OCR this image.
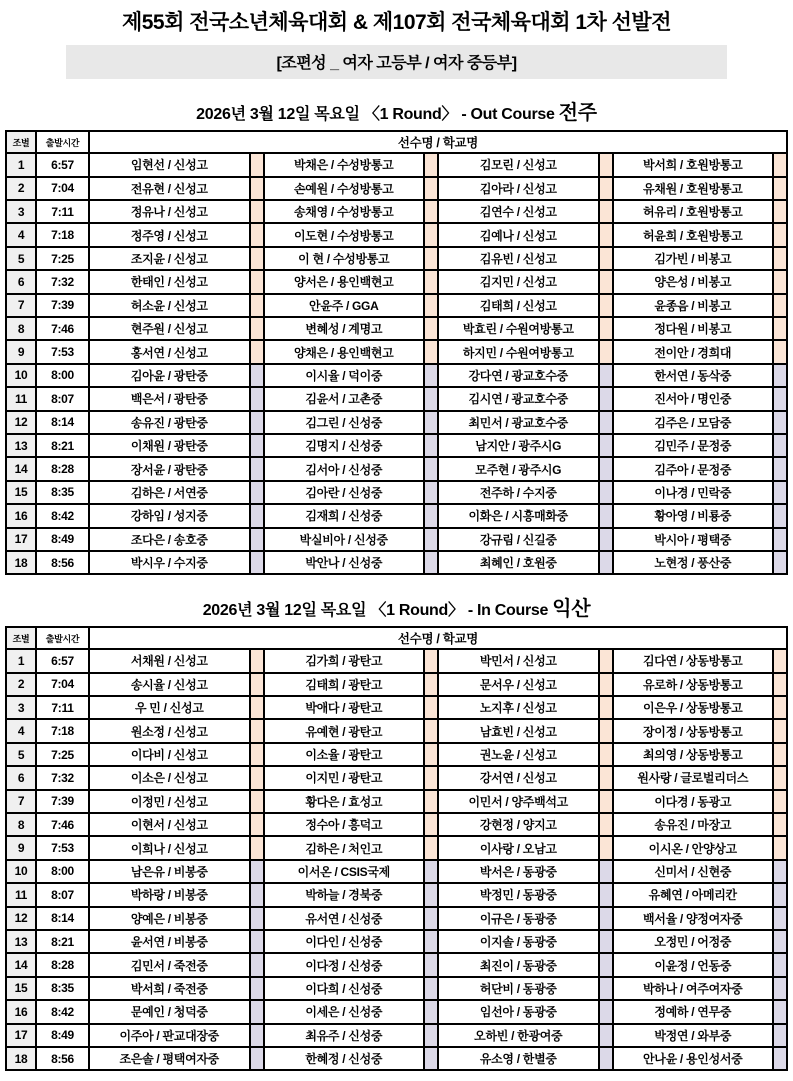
제55회 전국소년체육대회 & 제107회 전국체육대회 1차 선발전
[조편성 _ 여자 고등부 / 여자 중등부]
2026년 3월 12일 목요일 〈1 Round〉 - Out Course 전주
조별	출발시간	선수명 / 학교명
1	6:57	임현선 / 신성고	박채은 / 수성방통고	김모린 / 신성고	박서희 / 호원방통고
2	7:04	전유현 / 신성고	손예원 / 수성방통고	김아라 / 신성고	유채원 / 호원방통고
3	7:11	정유나 / 신성고	송채영 / 수성방통고	김연수 / 신성고	허유리 / 호원방통고
4	7:18	정주영 / 신성고	이도현 / 수성방통고	김예나 / 신성고	허윤희 / 호원방통고
5	7:25	조지윤 / 신성고	이 현 / 수성방통고	김유빈 / 신성고	김가빈 / 비봉고
6	7:32	한태인 / 신성고	양서은 / 용인백현고	김지민 / 신성고	양은성 / 비봉고
7	7:39	허소윤 / 신성고	안윤주 / GGA	김태희 / 신성고	윤종음 / 비봉고
8	7:46	현주원 / 신성고	변혜성 / 계명고	박효린 / 수원여방통고	정다원 / 비봉고
9	7:53	홍서연 / 신성고	양채은 / 용인백현고	하지민 / 수원여방통고	전이안 / 경희대
10	8:00	김아윤 / 광탄중	이시율 / 덕이중	강다연 / 광교호수중	한서연 / 동삭중
11	8:07	백은서 / 광탄중	김윤서 / 고촌중	김시연 / 광교호수중	진서아 / 명인중
12	8:14	송유진 / 광탄중	김그린 / 신성중	최민서 / 광교호수중	김주은 / 모담중
13	8:21	이채원 / 광탄중	김명지 / 신성중	남지안 / 광주시G	김민주 / 문정중
14	8:28	장서윤 / 광탄중	김서아 / 신성중	모주현 / 광주시G	김주아 / 문정중
15	8:35	김하은 / 서연중	김아란 / 신성중	전주하 / 수지중	이나경 / 민락중
16	8:42	강하임 / 성지중	김재희 / 신성중	이화은 / 시흥매화중	황아영 / 비룡중
17	8:49	조다은 / 송호중	박실비아 / 신성중	강규림 / 신길중	박시아 / 평택중
18	8:56	박시우 / 수지중	박안나 / 신성중	최혜인 / 호원중	노현정 / 풍산중
2026년 3월 12일 목요일 〈1 Round〉 - In Course 익산
조별	출발시간	선수명 / 학교명
1	6:57	서채원 / 신성고	김가희 / 광탄고	박민서 / 신성고	김다연 / 상동방통고
2	7:04	송시율 / 신성고	김태희 / 광탄고	문서우 / 신성고	유로하 / 상동방통고
3	7:11	우 민 / 신성고	박애다 / 광탄고	노지후 / 신성고	이은우 / 상동방통고
4	7:18	원소정 / 신성고	유예현 / 광탄고	남효빈 / 신성고	장이정 / 상동방통고
5	7:25	이다비 / 신성고	이소율 / 광탄고	권노윤 / 신성고	최의영 / 상동방통고
6	7:32	이소은 / 신성고	이지민 / 광탄고	강서연 / 신성고	원사랑 / 글로벌리더스
7	7:39	이정민 / 신성고	황다은 / 효성고	이민서 / 양주백석고	이다경 / 동광고
8	7:46	이현서 / 신성고	정수아 / 흥덕고	강현정 / 양지고	송유진 / 마장고
9	7:53	이희나 / 신성고	김하은 / 처인고	이사랑 / 오남고	이시온 / 안양상고
10	8:00	남은유 / 비봉중	이서온 / CSIS국제	박서은 / 동광중	신미서 / 신현중
11	8:07	박하랑 / 비봉중	박하늘 / 경북중	박정민 / 동광중	유혜연 / 아메리칸
12	8:14	양예은 / 비봉중	유서연 / 신성중	이규은 / 동광중	백서율 / 양정여자중
13	8:21	윤서연 / 비봉중	이다인 / 신성중	이지솔 / 동광중	오정민 / 어정중
14	8:28	김민서 / 죽전중	이다정 / 신성중	최진이 / 동광중	이윤정 / 언동중
15	8:35	박서희 / 죽전중	이다희 / 신성중	허단비 / 동광중	박하나 / 여주여자중
16	8:42	문예인 / 청덕중	이세은 / 신성중	임선아 / 동광중	정예하 / 연무중
17	8:49	이주아 / 판교대장중	최유주 / 신성중	오하빈 / 한광여중	박정연 / 와부중
18	8:56	조은솔 / 평택여자중	한혜정 / 신성중	유소영 / 한별중	안나윤 / 용인성서중
